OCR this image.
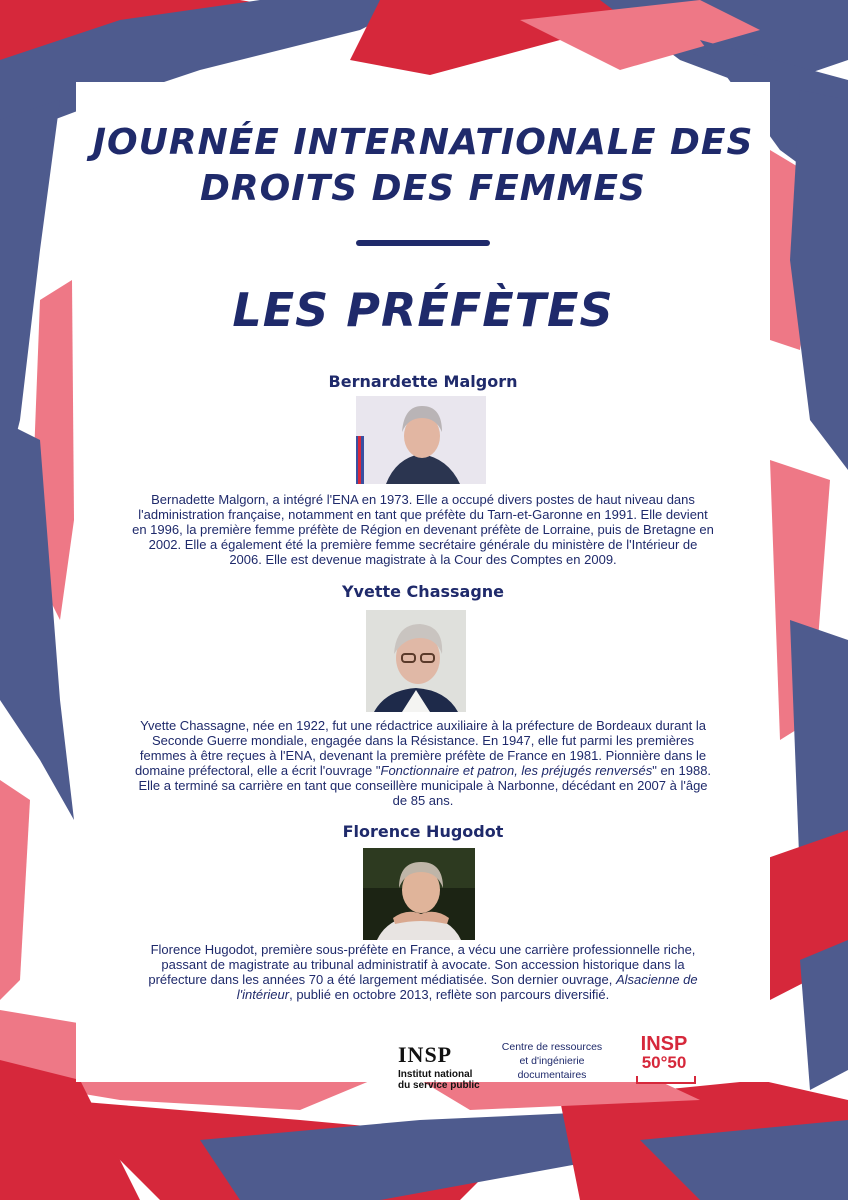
JOURNÉE INTERNATIONALE DES
DROITS DES FEMMES
LES PRÉFÈTES
Bernardette Malgorn
Bernadette Malgorn, a intégré l'ENA en 1973. Elle a occupé divers postes de haut niveau dans
l'administration française, notamment en tant que préfète du Tarn-et-Garonne en 1991. Elle devient
en 1996, la première femme préfète de Région en devenant préfète de Lorraine, puis de Bretagne en
2002. Elle a également été la première femme secrétaire générale du ministère de l'Intérieur de
2006. Elle est devenue magistrate à la Cour des Comptes en 2009.
Yvette Chassagne
Yvette Chassagne, née en 1922, fut une rédactrice auxiliaire à la préfecture de Bordeaux durant la
Seconde Guerre mondiale, engagée dans la Résistance. En 1947, elle fut parmi les premières
femmes à être reçues à l'ENA, devenant la première préfète de France en 1981. Pionnière dans le
domaine préfectoral, elle a écrit l'ouvrage "Fonctionnaire et patron, les préjugés renversés" en 1988.
Elle a terminé sa carrière en tant que conseillère municipale à Narbonne, décédant en 2007 à l'âge
de 85 ans.
Florence Hugodot
Florence Hugodot, première sous-préfète en France, a vécu une carrière professionnelle riche,
passant de magistrate au tribunal administratif à avocate. Son accession historique dans la
préfecture dans les années 70 a été largement médiatisée. Son dernier ouvrage, Alsacienne de
l'intérieur, publié en octobre 2013, reflète son parcours diversifié.
INSP
Institut national
du service public
Centre de ressources
et d'ingénierie
documentaires
INSP
50°50
